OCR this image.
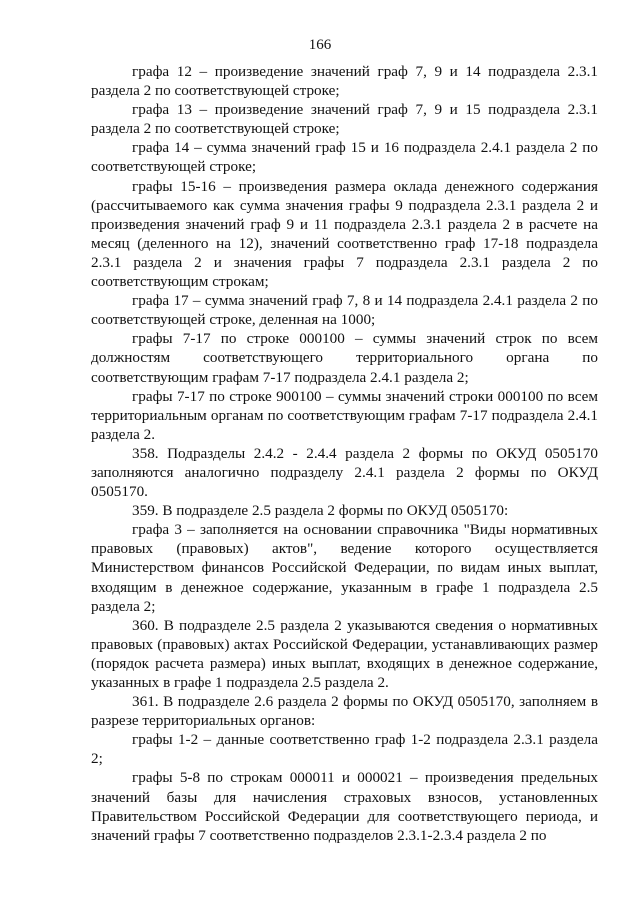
166

графа 12 – произведение значений граф 7, 9 и 14 подраздела 2.3.1 раздела 2 по соответствующей строке;

графа 13 – произведение значений граф 7, 9 и 15 подраздела 2.3.1 раздела 2 по соответствующей строке;

графа 14 – сумма значений граф 15 и 16 подраздела 2.4.1 раздела 2 по соответствующей строке;

графы 15-16 – произведения размера оклада денежного содержания (рассчитываемого как сумма значения графы 9 подраздела 2.3.1 раздела 2 и произведения значений граф 9 и 11 подраздела 2.3.1 раздела 2 в расчете на месяц (деленного на 12), значений соответственно граф 17-18 подраздела 2.3.1 раздела 2 и значения графы 7 подраздела 2.3.1 раздела 2 по соответствующим строкам;

графа 17 – сумма значений граф 7, 8 и 14 подраздела 2.4.1 раздела 2 по соответствующей строке, деленная на 1000;

графы 7-17 по строке 000100 – суммы значений строк по всем должностям соответствующего территориального органа по соответствующим графам 7-17 подраздела 2.4.1 раздела 2;

графы 7-17 по строке 900100 – суммы значений строки 000100 по всем территориальным органам по соответствующим графам 7-17 подраздела 2.4.1 раздела 2.

358. Подразделы 2.4.2 - 2.4.4 раздела 2 формы по ОКУД 0505170 заполняются аналогично подразделу 2.4.1 раздела 2 формы по ОКУД 0505170.

359. В подразделе 2.5 раздела 2 формы по ОКУД 0505170:

графа 3 – заполняется на основании справочника "Виды нормативных правовых (правовых) актов", ведение которого осуществляется Министерством финансов Российской Федерации, по видам иных выплат, входящим в денежное содержание, указанным в графе 1 подраздела 2.5 раздела 2;

360. В подразделе 2.5 раздела 2 указываются сведения о нормативных правовых (правовых) актах Российской Федерации, устанавливающих размер (порядок расчета размера) иных выплат, входящих в денежное содержание, указанных в графе 1 подраздела 2.5 раздела 2.

361. В подразделе 2.6 раздела 2 формы по ОКУД 0505170, заполняем в разрезе территориальных органов:

графы 1-2 – данные соответственно граф 1-2 подраздела 2.3.1 раздела 2;

графы 5-8 по строкам 000011 и 000021 – произведения предельных значений базы для начисления страховых взносов, установленных Правительством Российской Федерации для соответствующего периода, и значений графы 7 соответственно подразделов 2.3.1-2.3.4 раздела 2 по
